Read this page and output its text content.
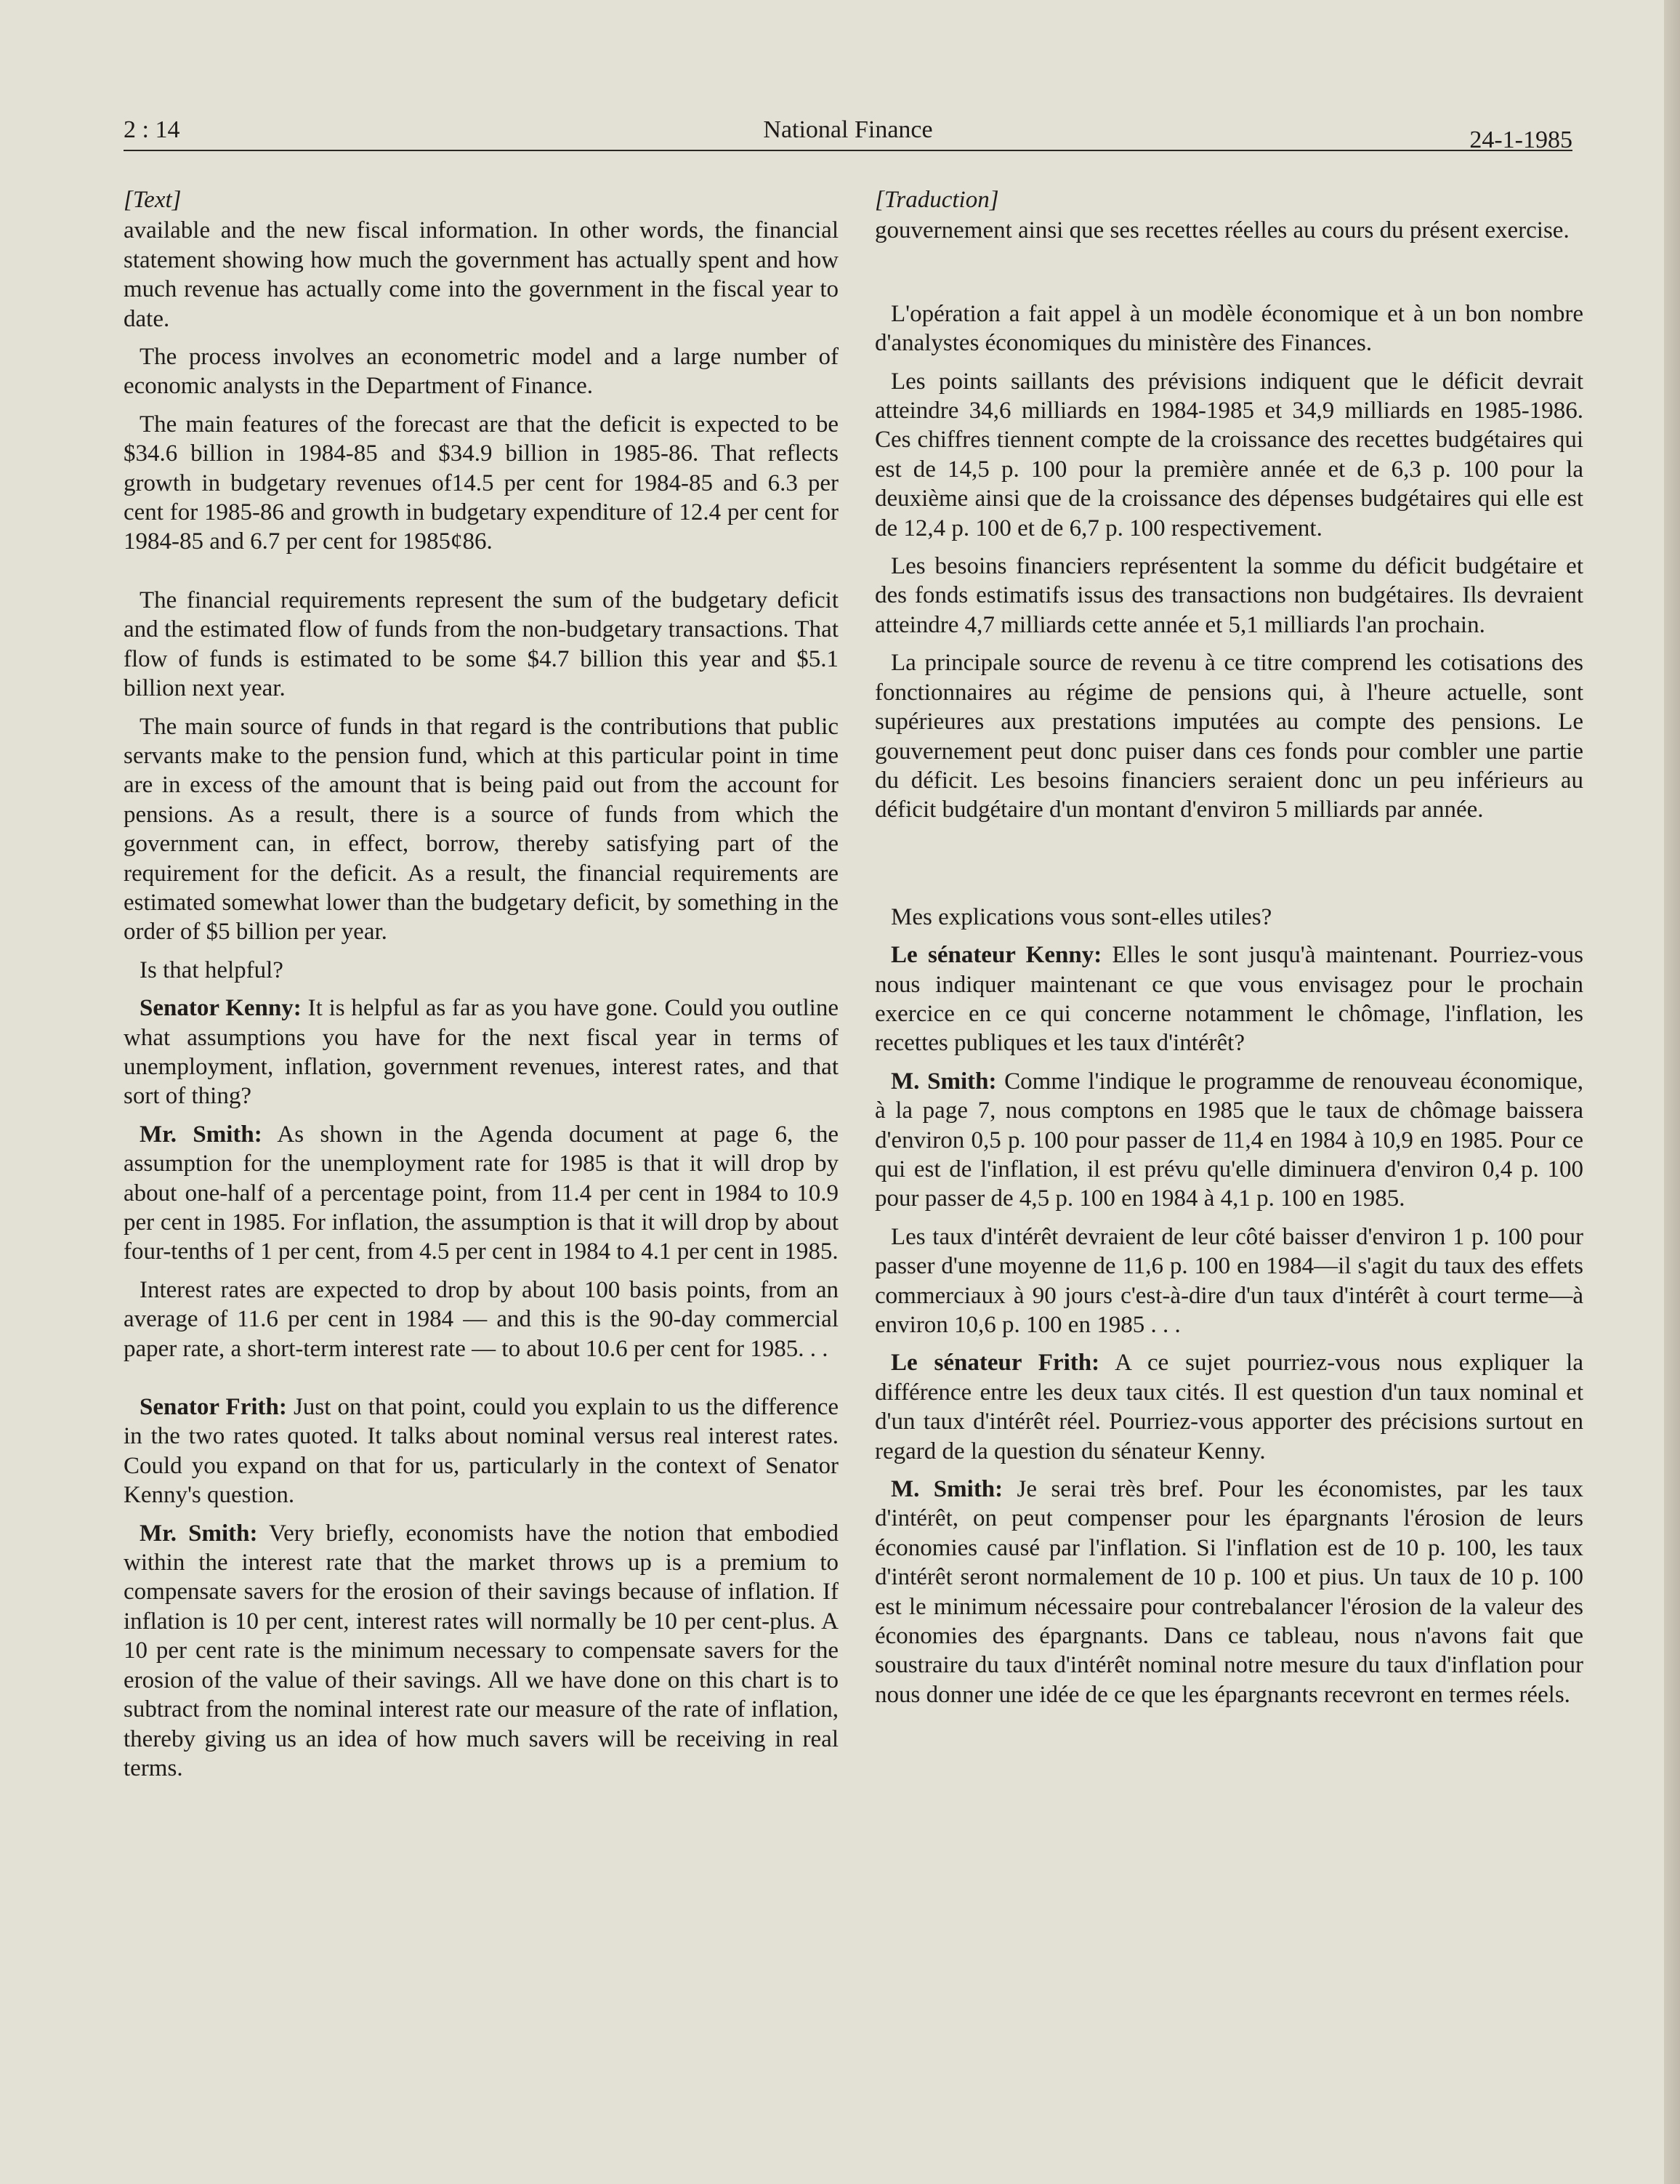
2 : 14	National Finance	24-1-1985
[Text]

available and the new fiscal information. In other words, the financial statement showing how much the government has actually spent and how much revenue has actually come into the government in the fiscal year to date.

The process involves an econometric model and a large number of economic analysts in the Department of Finance.

The main features of the forecast are that the deficit is expected to be $34.6 billion in 1984-85 and $34.9 billion in 1985-86. That reflects growth in budgetary revenues of14.5 per cent for 1984-85 and 6.3 per cent for 1985-86 and growth in budgetary expenditure of 12.4 per cent for 1984-85 and 6.7 per cent for 1985¢86.

The financial requirements represent the sum of the budgetary deficit and the estimated flow of funds from the non-budgetary transactions. That flow of funds is estimated to be some $4.7 billion this year and $5.1 billion next year.

The main source of funds in that regard is the contributions that public servants make to the pension fund, which at this particular point in time are in excess of the amount that is being paid out from the account for pensions. As a result, there is a source of funds from which the government can, in effect, borrow, thereby satisfying part of the requirement for the deficit. As a result, the financial requirements are estimated somewhat lower than the budgetary deficit, by something in the order of $5 billion per year.

Is that helpful?

Senator Kenny: It is helpful as far as you have gone. Could you outline what assumptions you have for the next fiscal year in terms of unemployment, inflation, government revenues, interest rates, and that sort of thing?

Mr. Smith: As shown in the Agenda document at page 6, the assumption for the unemployment rate for 1985 is that it will drop by about one-half of a percentage point, from 11.4 per cent in 1984 to 10.9 per cent in 1985. For inflation, the assumption is that it will drop by about four-tenths of 1 per cent, from 4.5 per cent in 1984 to 4.1 per cent in 1985.

Interest rates are expected to drop by about 100 basis points, from an average of 11.6 per cent in 1984 — and this is the 90-day commercial paper rate, a short-term interest rate — to about 10.6 per cent for 1985. . .

Senator Frith: Just on that point, could you explain to us the difference in the two rates quoted. It talks about nominal versus real interest rates. Could you expand on that for us, particularly in the context of Senator Kenny's question.

Mr. Smith: Very briefly, economists have the notion that embodied within the interest rate that the market throws up is a premium to compensate savers for the erosion of their savings because of inflation. If inflation is 10 per cent, interest rates will normally be 10 per cent-plus. A 10 per cent rate is the minimum necessary to compensate savers for the erosion of the value of their savings. All we have done on this chart is to subtract from the nominal interest rate our measure of the rate of inflation, thereby giving us an idea of how much savers will be receiving in real terms.

[Traduction]

gouvernement ainsi que ses recettes réelles au cours du présent exercise.

L'opération a fait appel à un modèle économique et à un bon nombre d'analystes économiques du ministère des Finances.

Les points saillants des prévisions indiquent que le déficit devrait atteindre 34,6 milliards en 1984-1985 et 34,9 milliards en 1985-1986. Ces chiffres tiennent compte de la croissance des recettes budgétaires qui est de 14,5 p. 100 pour la première année et de 6,3 p. 100 pour la deuxième ainsi que de la croissance des dépenses budgétaires qui elle est de 12,4 p. 100 et de 6,7 p. 100 respectivement.

Les besoins financiers représentent la somme du déficit budgétaire et des fonds estimatifs issus des transactions non budgétaires. Ils devraient atteindre 4,7 milliards cette année et 5,1 milliards l'an prochain.

La principale source de revenu à ce titre comprend les cotisations des fonctionnaires au régime de pensions qui, à l'heure actuelle, sont supérieures aux prestations imputées au compte des pensions. Le gouvernement peut donc puiser dans ces fonds pour combler une partie du déficit. Les besoins financiers seraient donc un peu inférieurs au déficit budgétaire d'un montant d'environ 5 milliards par année.

Mes explications vous sont-elles utiles?

Le sénateur Kenny: Elles le sont jusqu'à maintenant. Pourriez-vous nous indiquer maintenant ce que vous envisagez pour le prochain exercice en ce qui concerne notamment le chômage, l'inflation, les recettes publiques et les taux d'intérêt?

M. Smith: Comme l'indique le programme de renouveau économique, à la page 7, nous comptons en 1985 que le taux de chômage baissera d'environ 0,5 p. 100 pour passer de 11,4 en 1984 à 10,9 en 1985. Pour ce qui est de l'inflation, il est prévu qu'elle diminuera d'environ 0,4 p. 100 pour passer de 4,5 p. 100 en 1984 à 4,1 p. 100 en 1985.

Les taux d'intérêt devraient de leur côté baisser d'environ 1 p. 100 pour passer d'une moyenne de 11,6 p. 100 en 1984—il s'agit du taux des effets commerciaux à 90 jours c'est-à-dire d'un taux d'intérêt à court terme—à environ 10,6 p. 100 en 1985 . . .

Le sénateur Frith: A ce sujet pourriez-vous nous expliquer la différence entre les deux taux cités. Il est question d'un taux nominal et d'un taux d'intérêt réel. Pourriez-vous apporter des précisions surtout en regard de la question du sénateur Kenny.

M. Smith: Je serai très bref. Pour les économistes, par les taux d'intérêt, on peut compenser pour les épargnants l'érosion de leurs économies causé par l'inflation. Si l'inflation est de 10 p. 100, les taux d'intérêt seront normalement de 10 p. 100 et pius. Un taux de 10 p. 100 est le minimum nécessaire pour contrebalancer l'érosion de la valeur des économies des épargnants. Dans ce tableau, nous n'avons fait que soustraire du taux d'intérêt nominal notre mesure du taux d'inflation pour nous donner une idée de ce que les épargnants recevront en termes réels.
